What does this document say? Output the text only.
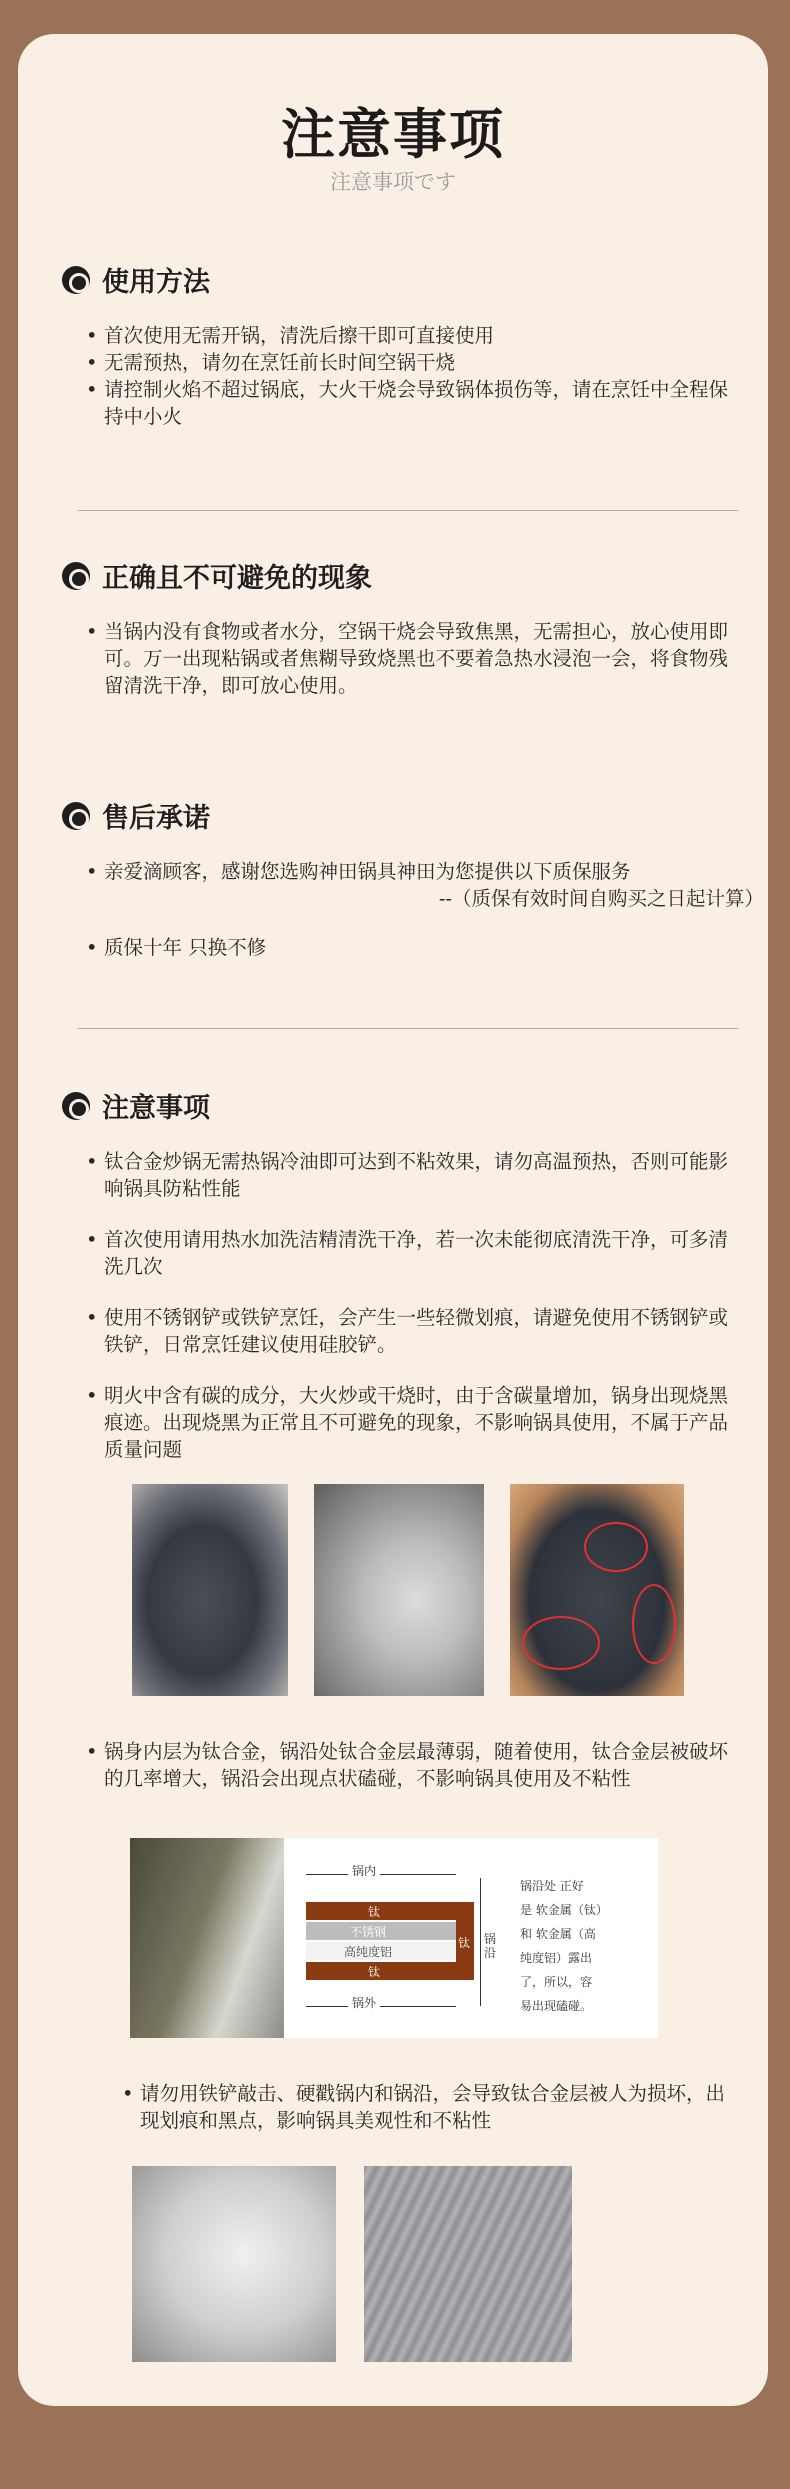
注意事项
注意事项です
使用方法
• 首次使用无需开锅，清洗后擦干即可直接使用
• 无需预热，请勿在烹饪前长时间空锅干烧
• 请控制火焰不超过锅底，大火干烧会导致锅体损伤等，请在烹饪中全程保持中小火
正确且不可避免的现象
• 当锅内没有食物或者水分，空锅干烧会导致焦黑，无需担心，放心使用即可。万一出现粘锅或者焦糊导致烧黑也不要着急热水浸泡一会，将食物残留清洗干净，即可放心使用。
售后承诺
• 亲爱滴顾客，感谢您选购神田锅具神田为您提供以下质保服务
--（质保有效时间自购买之日起计算）
• 质保十年 只换不修
注意事项
• 钛合金炒锅无需热锅冷油即可达到不粘效果，请勿高温预热，否则可能影响锅具防粘性能
• 首次使用请用热水加洗洁精清洗干净，若一次未能彻底清洗干净，可多清洗几次
• 使用不锈钢铲或铁铲烹饪，会产生一些轻微划痕，请避免使用不锈钢铲或铁铲，日常烹饪建议使用硅胶铲。
• 明火中含有碳的成分，大火炒或干烧时，由于含碳量增加，锅身出现烧黑痕迹。出现烧黑为正常且不可避免的现象，不影响锅具使用，不属于产品质量问题
• 锅身内层为钛合金，锅沿处钛合金层最薄弱，随着使用，钛合金层被破坏的几率增大，锅沿会出现点状磕碰，不影响锅具使用及不粘性
锅内
钛
不锈钢
高纯度铝
钛
钛
锅外
锅沿
锅沿处 正好
是 软金属（钛）
和 软金属（高
纯度铝）露出
了，所以，容
易出现磕碰。
• 请勿用铁铲敲击、硬戳锅内和锅沿，会导致钛合金层被人为损坏，出现划痕和黑点，影响锅具美观性和不粘性
